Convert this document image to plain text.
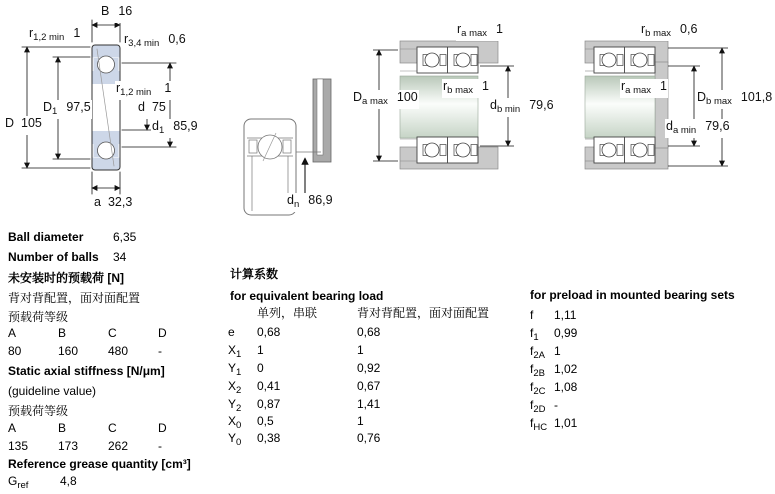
B 16
$r_{1,2 min}$ 1	$r_{3,4 min}$ 0,6
$r_{1,2 min}$ 1
$D_1$ 97,5	d 75
D 105	$d_1$ 85,9
a 32,3	$d_n$ 86,9
$r_{a max}$ 1
$D_{a max}$ 100
$r_{b max}$ 1
$d_{b min}$ 79,6
$r_{b max}$ 0,6
$r_{a max}$ 1
$D_{b max}$ 101,8
$d_{a min}$ 79,6
Ball diameter 6,35
Number of balls 34
未安装时的预载荷 [N]
背对背配置，面对面配置
预载荷等级
A	B	C	D
80	160 480 -
Static axial stiffness [N/μm]
(guideline value)
预载荷等级
A	B	C	D
135 173 262 -
Reference grease quantity [cm³]
$G_{ref}$	4,8
计算系数
for equivalent bearing load
单列，串联	背对背配置，面对面配置
e 0,68	0,68
$X_1$ 1	1
$Y_1$ 0	0,92
$X_2$ 0,41	0,67
$Y_2$ 0,87	1,41
$X_0$ 0,5	1
$Y_0$ 0,38	0,76
for preload in mounted bearing sets
f 1,11
$f_1$ 0,99
$f_{2A}$ 1
$f_{2B}$ 1,02
$f_{2C}$ 1,08
$f_{2D}$ -
$f_{HC}$ 1,01
